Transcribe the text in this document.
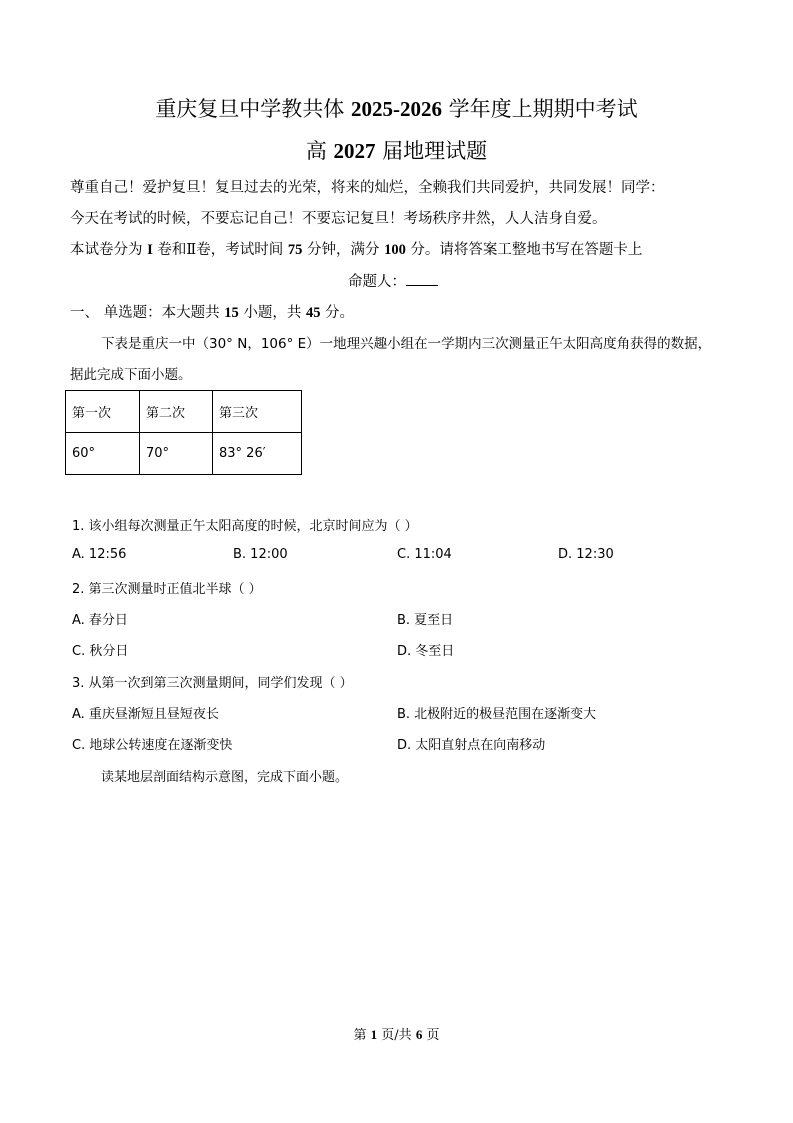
重庆复旦中学教共体 2025-2026 学年度上期期中考试
高 2027 届地理试题
尊重自己！爱护复旦！复旦过去的光荣，将来的灿烂，全赖我们共同爱护，共同发展！同学：
今天在考试的时候，不要忘记自己！不要忘记复旦！考场秩序井然，人人洁身自爱。
本试卷分为 I 卷和Ⅱ卷，考试时间 75 分钟，满分 100 分。请将答案工整地书写在答题卡上
命题人：
一、 单选题：本大题共 15 小题，共 45 分。
下表是重庆一中（30° N，106° E）一地理兴趣小组在一学期内三次测量正午太阳高度角获得的数据，
据此完成下面小题。
第一次	第二次	第三次
60°	70°	83° 26′
1. 该小组每次测量正午太阳高度的时候，北京时间应为（ ）
A. 12:56	B. 12:00	C. 11:04	D. 12:30
2. 第三次测量时正值北半球（ ）
A. 春分日	B. 夏至日
C. 秋分日	D. 冬至日
3. 从第一次到第三次测量期间，同学们发现（ ）
A. 重庆昼渐短且昼短夜长	B. 北极附近的极昼范围在逐渐变大
C. 地球公转速度在逐渐变快	D. 太阳直射点在向南移动
读某地层剖面结构示意图，完成下面小题。
第 1 页/共 6 页
